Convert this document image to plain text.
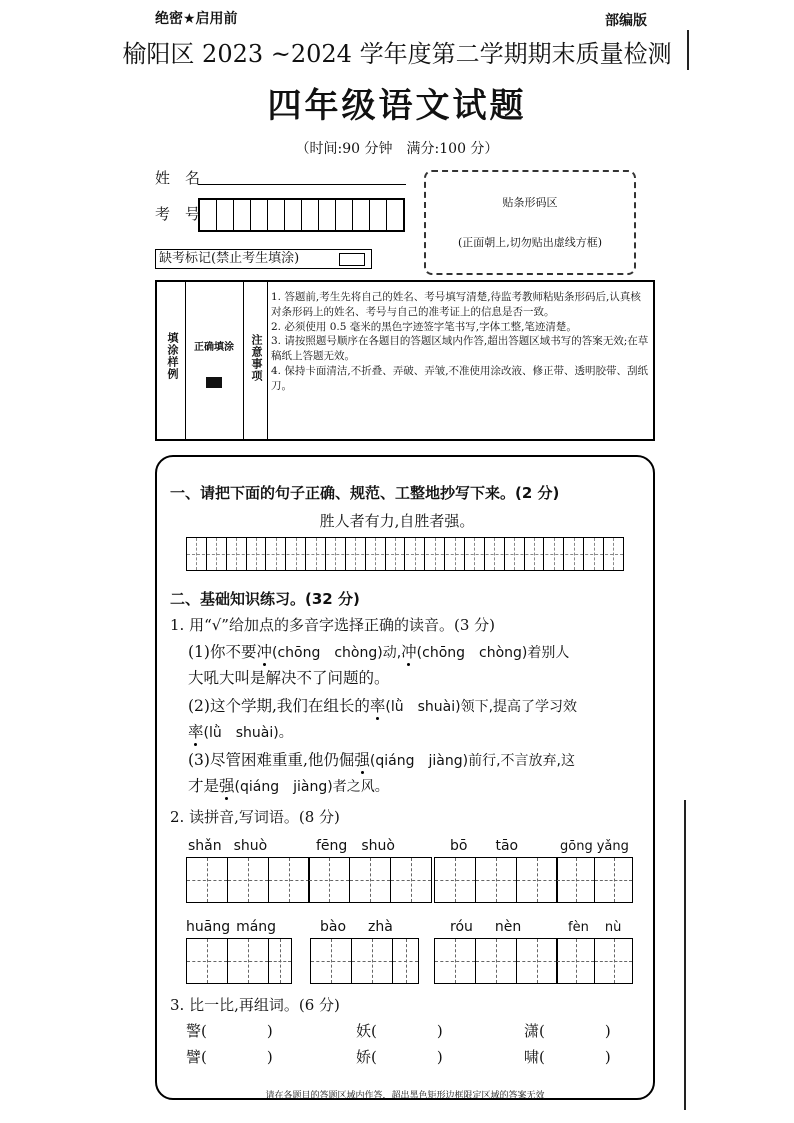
绝密★启用前	部编版
榆阳区 2023 ~2024 学年度第二学期期末质量检测
四年级语文试题
（时间:90 分钟　满分:100 分）
姓　名
考　号
缺考标记(禁止考生填涂)
贴条形码区
(正面朝上,切勿贴出虚线方框)
填涂样例	正确填涂	注意事项
1. 答题前,考生先将自己的姓名、考号填写清楚,待监考教师粘贴条形码后,认真核对条形码上的姓名、考号与自己的准考证上的信息是否一致。
2. 必须使用 0.5 毫米的黑色字迹签字笔书写,字体工整,笔迹清楚。
3. 请按照题号顺序在各题目的答题区域内作答,超出答题区域书写的答案无效;在草稿纸上答题无效。
4. 保持卡面清洁,不折叠、弄破、弄皱,不准使用涂改液、修正带、透明胶带、刮纸刀。
一、请把下面的句子正确、规范、工整地抄写下来。(2 分)
胜人者有力,自胜者强。
二、基础知识练习。(32 分)
1. 用“√”给加点的多音字选择正确的读音。(3 分)
(1)你不要冲(chōng　chòng)动,冲(chōng　chòng)着别人
大吼大叫是解决不了问题的。
(2)这个学期,我们在组长的率(lǜ　shuài)领下,提高了学习效
率(lǜ　shuài)。
(3)尽管困难重重,他仍倔强(qiáng　jiàng)前行,不言放弃,这
才是强(qiáng　jiàng)者之风。
2. 读拼音,写词语。(8 分)
shǎn shuò	fēng shuò	bō tāo	gōng yǎng
huāng máng	bào zhà	róu nèn	fèn nù
3. 比一比,再组词。(6 分)
警(　　　　)	妖(　　　　)	潇(　　　　)
譬(　　　　)	娇(　　　　)	啸(　　　　)
请在各题目的答题区域内作答，超出黑色矩形边框限定区域的答案无效
